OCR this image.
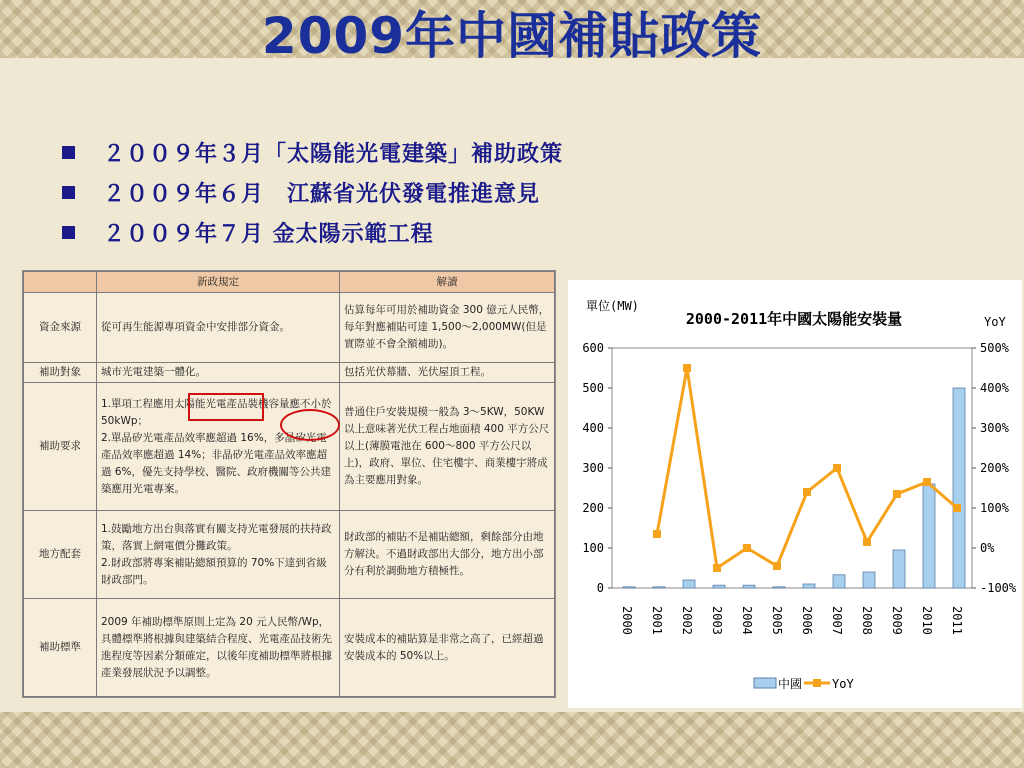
2009年中國補貼政策
２００９年３月「太陽能光電建築」補助政策
２００９年６月　江蘇省光伏發電推進意見
２００９年７月 金太陽示範工程
	新政規定	解讀
資金來源	從可再生能源專項資金中安排部分資金。	估算每年可用於補助資金 300 億元人民幣，每年對應補貼可達 1,500～2,000MW(但是實際並不會全額補助)。
補助對象	城市光電建築一體化。	包括光伏幕牆、光伏屋頂工程。
補助要求	1.單項工程應用太陽能光電產品裝機容量應不小於 50kWp；
2.單晶矽光電產品效率應超過 16%，多晶矽光電產品效率應超過 14%；非晶矽光電產品效率應超過 6%，優先支持學校、醫院、政府機關等公共建築應用光電專案。	普通住戶安裝規模一般為 3～5KW，50KW 以上意味著光伏工程占地面積 400 平方公尺以上(薄膜電池在 600～800 平方公尺以上)，政府、單位、住宅樓宇、商業樓宇將成為主要應用對象。
地方配套	1.鼓勵地方出台與落實有關支持光電發展的扶持政策，落實上網電價分攤政策。
2.財政部將專案補貼總額預算的 70%下達到省級財政部門。	財政部的補貼不是補貼總額，剩餘部分由地方解決。不過財政部出大部分，地方出小部分有利於調動地方積極性。
補助標準	2009 年補助標準原則上定為 20 元人民幣/Wp，具體標準將根據與建築結合程度、光電產品技術先進程度等因素分類確定，以後年度補助標準將根據產業發展狀況予以調整。	安裝成本的補貼算是非常之高了，已經超過安裝成本的 50%以上。
單位(MW)
2000-2011年中國太陽能安裝量	YoY
0
100
200
300
400
500
600
-100%
0%
100%
200%
300%
400%
500%
2000 2001 2002 2003 2004 2005 2006 2007 2008 2009 2010 2011
中國 YoY
